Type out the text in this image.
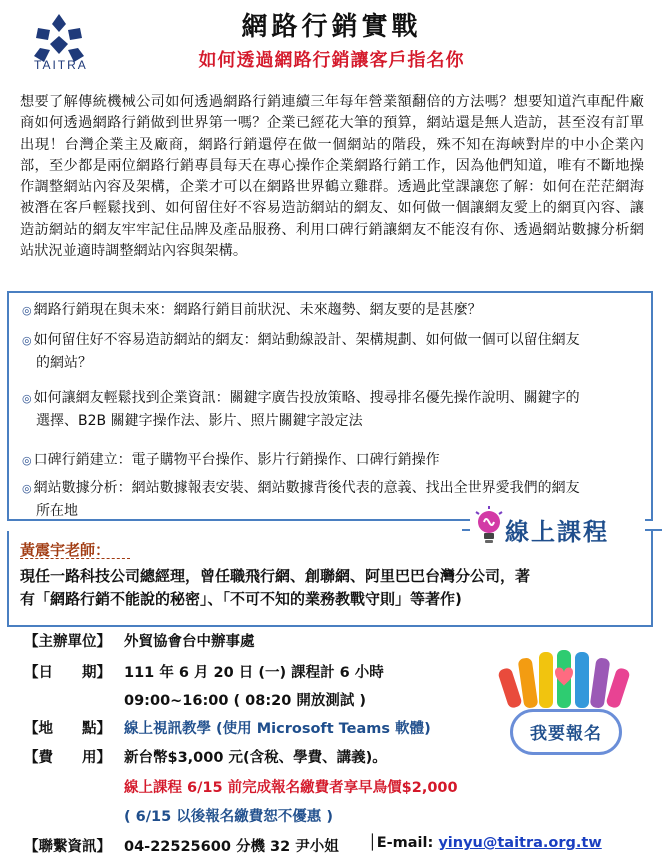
TAITRA
網路行銷實戰
如何透過網路行銷讓客戶指名你
想要了解傳統機械公司如何透過網路行銷連續三年每年營業額翻倍的方法嗎？想要知道汽車配件廠商如何透過網路行銷做到世界第一嗎？企業已經花大筆的預算，網站還是無人造訪，甚至沒有訂單出現！台灣企業主及廠商，網路行銷還停在做一個網站的階段，殊不知在海峽對岸的中小企業內部，至少都是兩位網路行銷專員每天在專心操作企業網路行銷工作，因為他們知道，唯有不斷地操作調整網站內容及架構，企業才可以在網路世界鶴立雞群。透過此堂課讓您了解：如何在茫茫網海被潛在客戶輕鬆找到、如何留住好不容易造訪網站的網友、如何做一個讓網友愛上的網頁內容、讓造訪網站的網友牢牢記住品牌及產品服務、利用口碑行銷讓網友不能沒有你、透過網站數據分析網站狀況並適時調整網站內容與架構。
◎ 網路行銷現在與未來：網路行銷目前狀況、未來趨勢、網友要的是甚麼？
◎ 如何留住好不容易造訪網站的網友：網站動線設計、架構規劃、如何做一個可以留住網友
的網站？
◎ 如何讓網友輕鬆找到企業資訊：關鍵字廣告投放策略、搜尋排名優先操作說明、關鍵字的
選擇、B2B 關鍵字操作法、影片、照片關鍵字設定法
◎ 口碑行銷建立：電子購物平台操作、影片行銷操作、口碑行銷操作
◎ 網站數據分析：網站數據報表安裝、網站數據背後代表的意義、找出全世界愛我們的網友
所在地
線上課程
黃震宇老師：
現任一路科技公司總經理，曾任職飛行網、創聯網、阿里巴巴台灣分公司，著
有「網路行銷不能說的秘密」、「不可不知的業務教戰守則」等著作)
【主辦單位】 外貿協會台中辦事處
【日　　期】 111 年 6 月 20 日 (一) 課程計 6 小時
09:00~16:00 ( 08:20 開放測試 )
【地　　點】 線上視訊教學 (使用 Microsoft Teams 軟體)
【費　　用】 新台幣$3,000 元(含稅、學費、講義)。
線上課程 6/15 前完成報名繳費者享早鳥價$2,000
( 6/15 以後報名繳費恕不優惠 )
【聯繫資訊】 04-22525600 分機 32 尹小姐 │E-mail: yinyu@taitra.org.tw
我要報名
